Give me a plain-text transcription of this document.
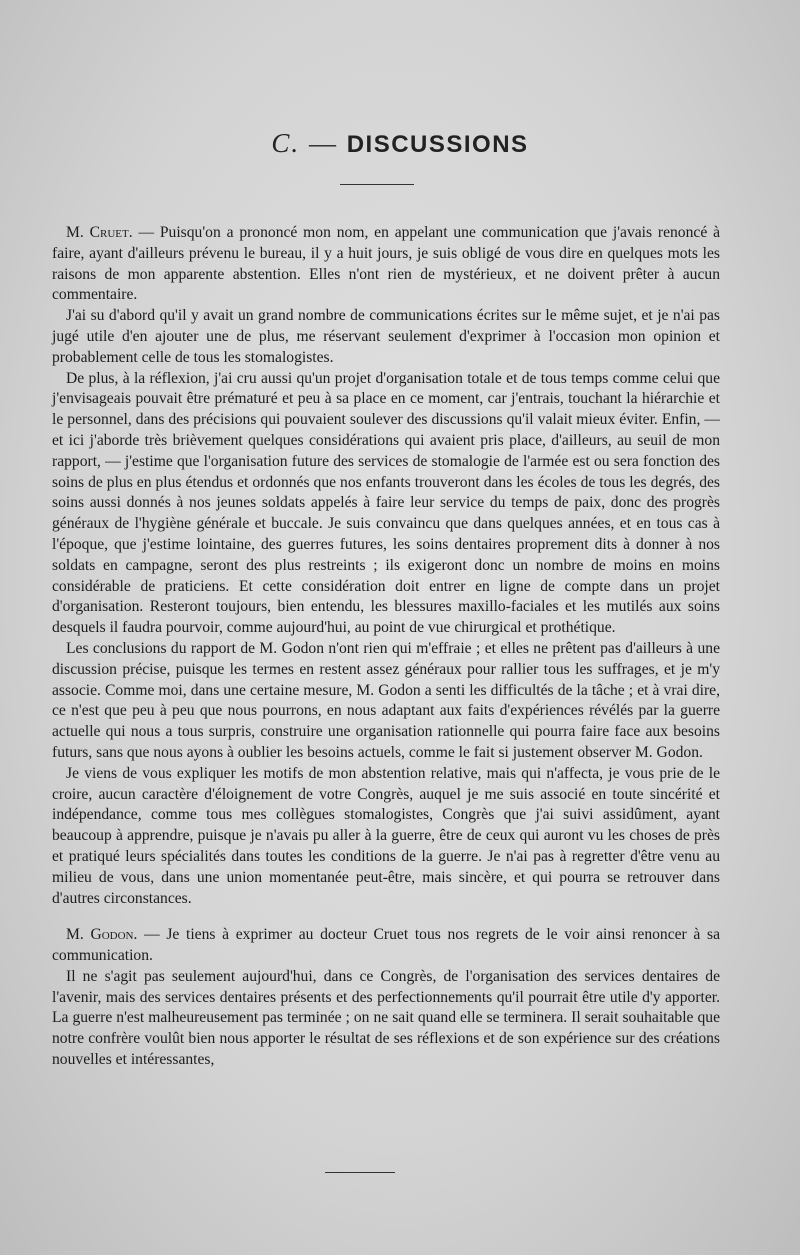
C. — DISCUSSIONS

M. Cruet. — Puisqu'on a prononcé mon nom, en appelant une communication que j'avais renoncé à faire, ayant d'ailleurs prévenu le bureau, il y a huit jours, je suis obligé de vous dire en quelques mots les raisons de mon apparente abstention. Elles n'ont rien de mystérieux, et ne doivent prêter à aucun commentaire.

J'ai su d'abord qu'il y avait un grand nombre de communications écrites sur le même sujet, et je n'ai pas jugé utile d'en ajouter une de plus, me réservant seulement d'exprimer à l'occasion mon opinion et probablement celle de tous les stomalogistes.

De plus, à la réflexion, j'ai cru aussi qu'un projet d'organisation totale et de tous temps comme celui que j'envisageais pouvait être prématuré et peu à sa place en ce moment, car j'entrais, touchant la hiérarchie et le personnel, dans des précisions qui pouvaient soulever des discussions qu'il valait mieux éviter. Enfin, — et ici j'aborde très brièvement quelques considérations qui avaient pris place, d'ailleurs, au seuil de mon rapport, — j'estime que l'organisation future des services de stomalogie de l'armée est ou sera fonction des soins de plus en plus étendus et ordonnés que nos enfants trouveront dans les écoles de tous les degrés, des soins aussi donnés à nos jeunes soldats appelés à faire leur service du temps de paix, donc des progrès généraux de l'hygiène générale et buccale. Je suis convaincu que dans quelques années, et en tous cas à l'époque, que j'estime lointaine, des guerres futures, les soins dentaires proprement dits à donner à nos soldats en campagne, seront des plus restreints ; ils exigeront donc un nombre de moins en moins considérable de praticiens. Et cette considération doit entrer en ligne de compte dans un projet d'organisation. Resteront toujours, bien entendu, les blessures maxillo-faciales et les mutilés aux soins desquels il faudra pourvoir, comme aujourd'hui, au point de vue chirurgical et prothétique.

Les conclusions du rapport de M. Godon n'ont rien qui m'effraie ; et elles ne prêtent pas d'ailleurs à une discussion précise, puisque les termes en restent assez généraux pour rallier tous les suffrages, et je m'y associe. Comme moi, dans une certaine mesure, M. Godon a senti les difficultés de la tâche ; et à vrai dire, ce n'est que peu à peu que nous pourrons, en nous adaptant aux faits d'expériences révélés par la guerre actuelle qui nous a tous surpris, construire une organisation rationnelle qui pourra faire face aux besoins futurs, sans que nous ayons à oublier les besoins actuels, comme le fait si justement observer M. Godon.

Je viens de vous expliquer les motifs de mon abstention relative, mais qui n'affecta, je vous prie de le croire, aucun caractère d'éloignement de votre Congrès, auquel je me suis associé en toute sincérité et indépendance, comme tous mes collègues stomalogistes, Congrès que j'ai suivi assidûment, ayant beaucoup à apprendre, puisque je n'avais pu aller à la guerre, être de ceux qui auront vu les choses de près et pratiqué leurs spécialités dans toutes les conditions de la guerre. Je n'ai pas à regretter d'être venu au milieu de vous, dans une union momentanée peut-être, mais sincère, et qui pourra se retrouver dans d'autres circonstances.

M. Godon. — Je tiens à exprimer au docteur Cruet tous nos regrets de le voir ainsi renoncer à sa communication.

Il ne s'agit pas seulement aujourd'hui, dans ce Congrès, de l'organisation des services dentaires de l'avenir, mais des services dentaires présents et des perfectionnements qu'il pourrait être utile d'y apporter. La guerre n'est malheureusement pas terminée ; on ne sait quand elle se terminera. Il serait souhaitable que notre confrère voulût bien nous apporter le résultat de ses réflexions et de son expérience sur des créations nouvelles et intéressantes,
